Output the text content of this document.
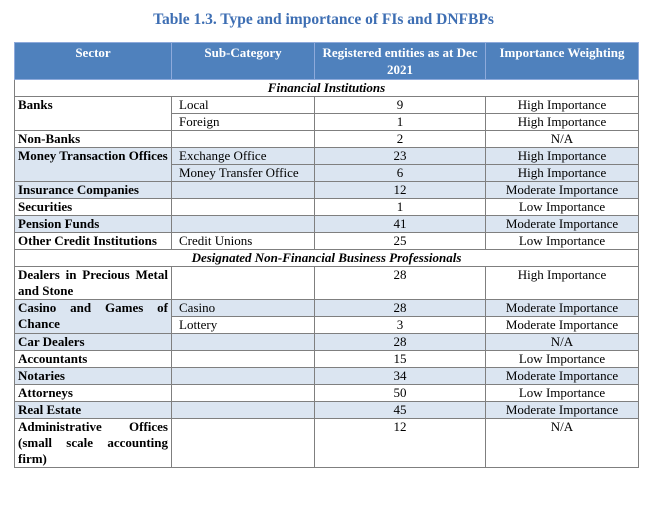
Table 1.3. Type and importance of FIs and DNFBPs
Sector	Sub-Category	Registered entities as at Dec 2021	Importance Weighting
Financial Institutions			
Banks	Local	9	High Importance
	Foreign	1	High Importance
Non-Banks		2	N/A
Money Transaction Offices	Exchange Office	23	High Importance
	Money Transfer Office	6	High Importance
Insurance Companies		12	Moderate Importance
Securities		1	Low Importance
Pension Funds		41	Moderate Importance
Other Credit Institutions	Credit Unions	25	Low Importance
Designated Non-Financial Business Professionals			
Dealers in Precious Metal and Stone		28	High Importance
Casino and Games of Chance	Casino	28	Moderate Importance
	Lottery	3	Moderate Importance
Car Dealers		28	N/A
Accountants		15	Low Importance
Notaries		34	Moderate Importance
Attorneys		50	Low Importance
Real Estate		45	Moderate Importance
Administrative Offices (small scale accounting firm)		12	N/A
